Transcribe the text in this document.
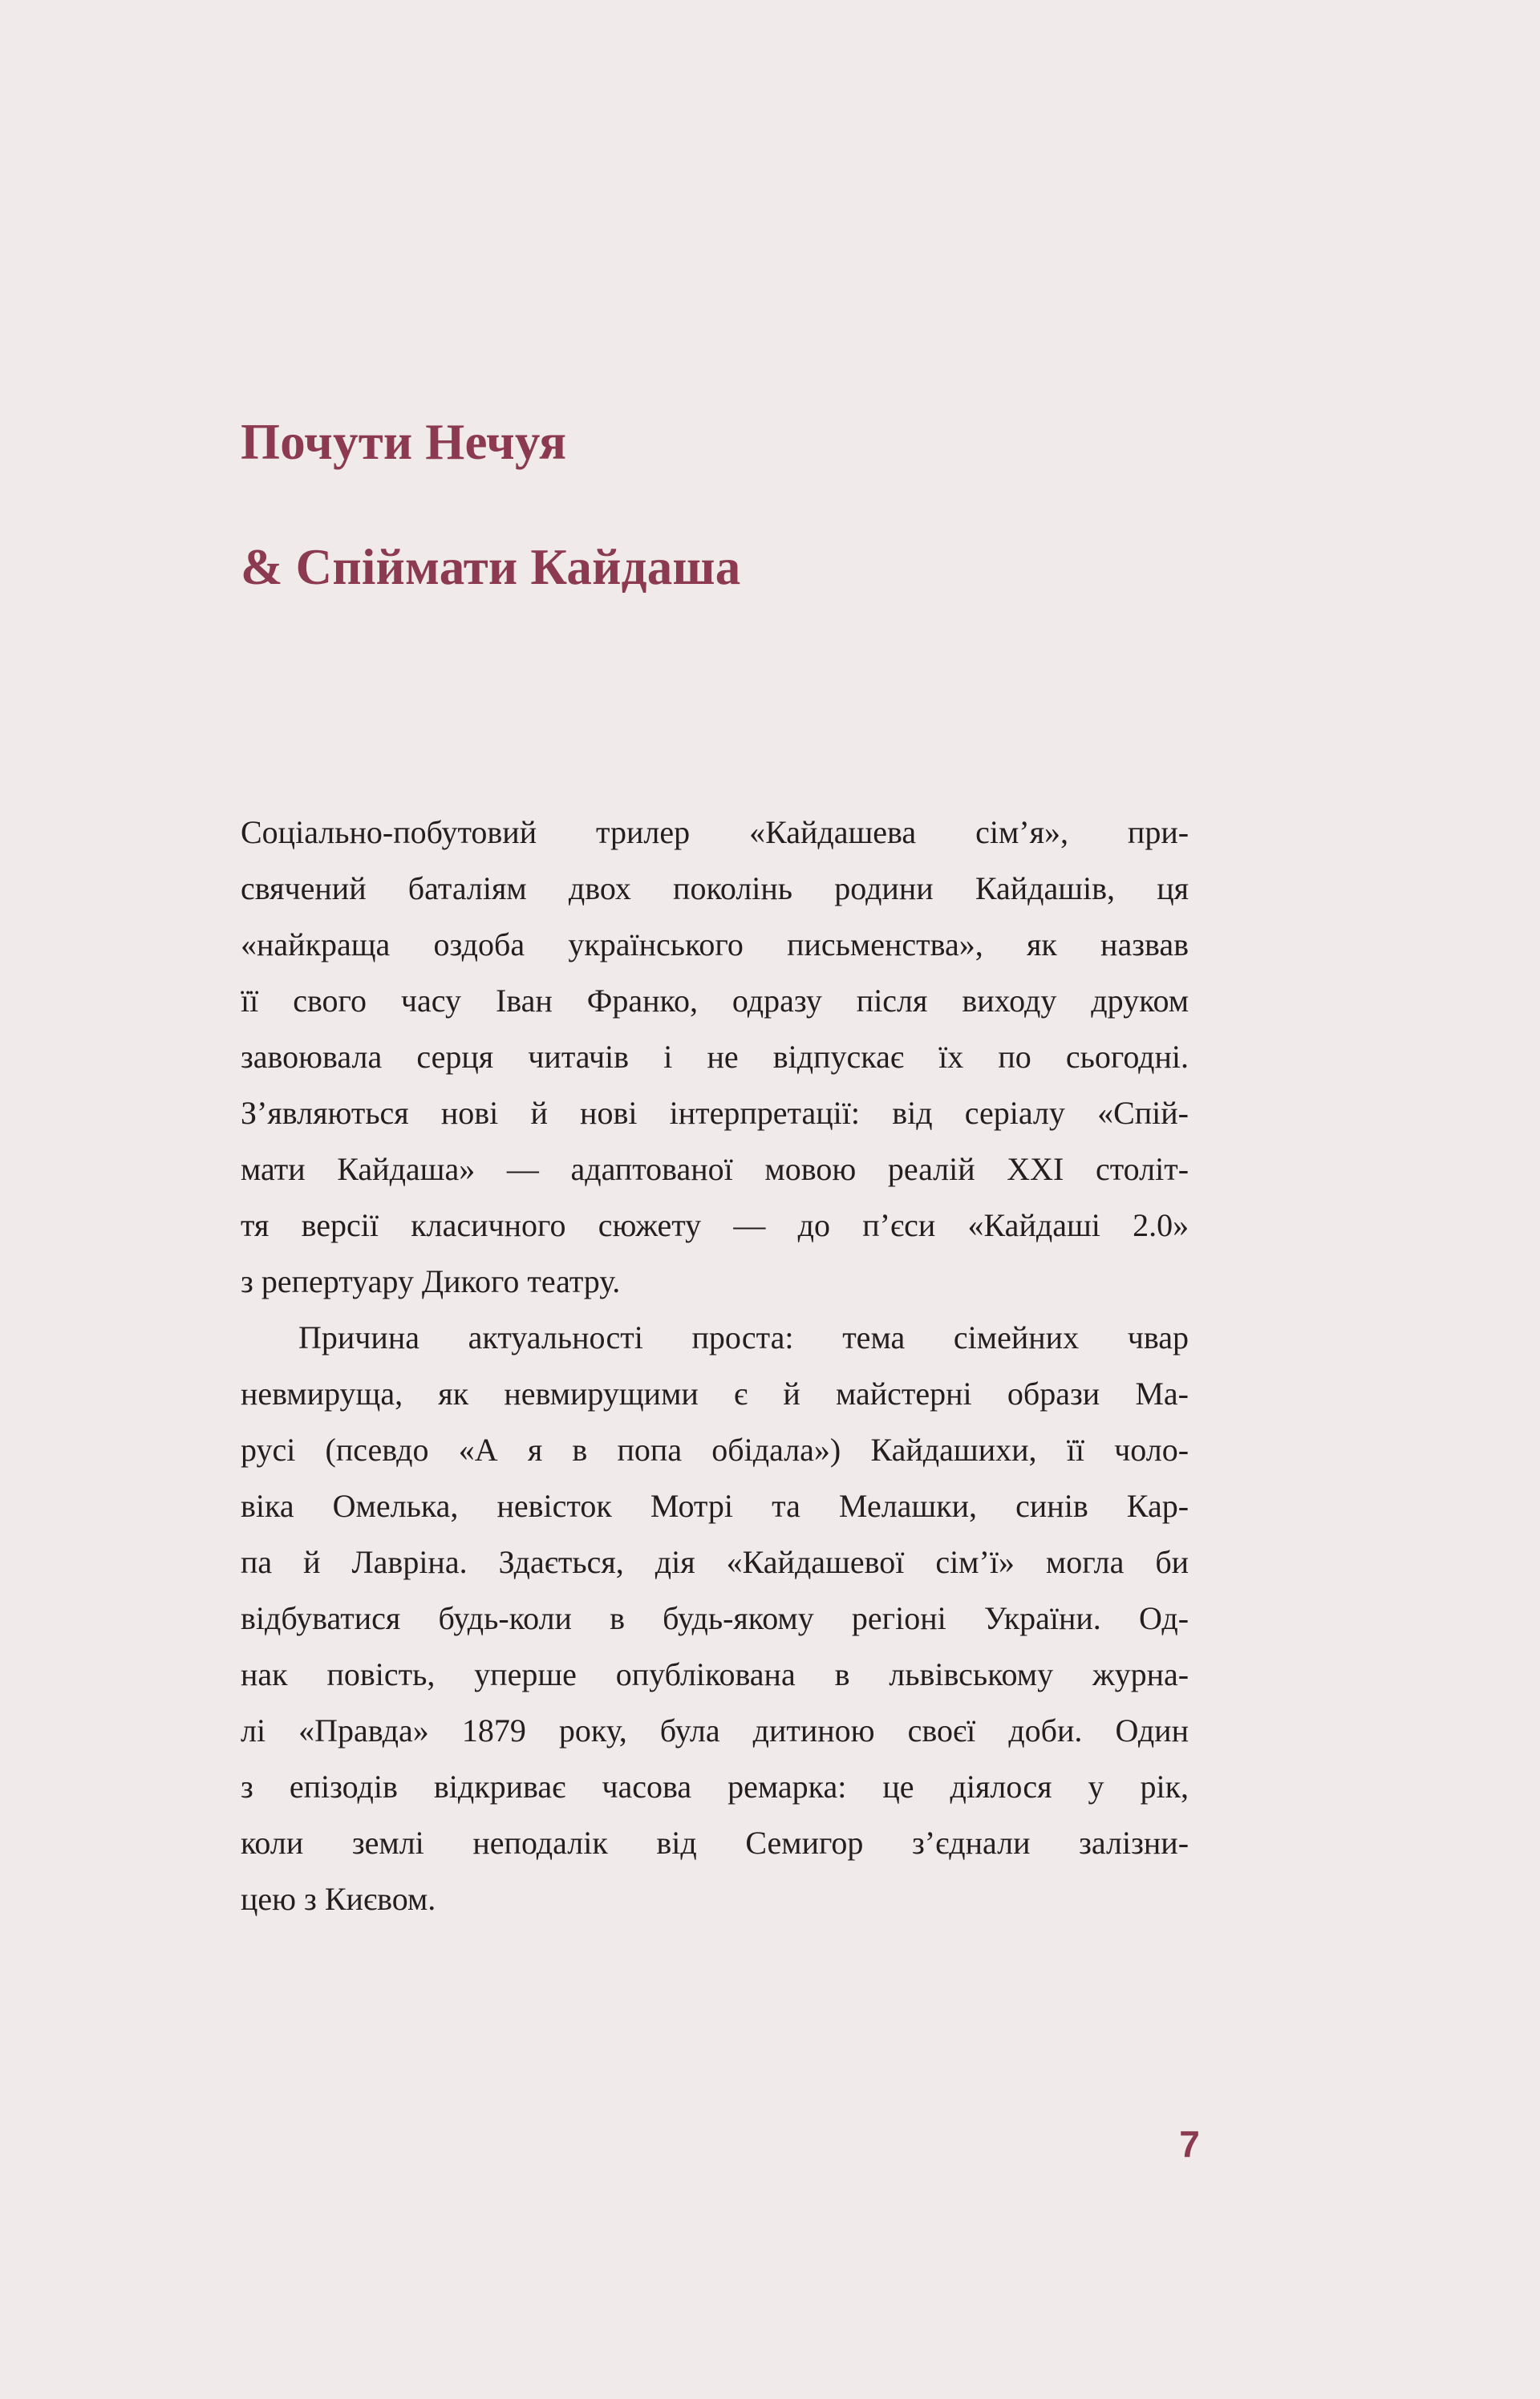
Почути Нечуя

& Спіймати Кайдаша

Соціально-побутовий трилер «Кайдашева сім’я», при-
свячений баталіям двох поколінь родини Кайдашів, ця
«найкраща оздоба українського письменства», як назвав
її свого часу Іван Франко, одразу після виходу друком
завоювала серця читачів і не відпускає їх по сьогодні.
З’являються нові й нові інтерпретації: від серіалу «Спій-
мати Кайдаша» — адаптованої мовою реалій XXI століт-
тя версії класичного сюжету — до п’єси «Кайдаші 2.0»
з репертуару Дикого театру.

Причина актуальності проста: тема сімейних чвар
невмируща, як невмирущими є й майстерні образи Ма-
русі (псевдо «А я в попа обідала») Кайдашихи, її чоло-
віка Омелька, невісток Мотрі та Мелашки, синів Кар-
па й Лавріна. Здається, дія «Кайдашевої сім’ї» могла би
відбуватися будь-коли в будь-якому регіоні України. Од-
нак повість, уперше опублікована в львівському журна-
лі «Правда» 1879 року, була дитиною своєї доби. Один
з епізодів відкриває часова ремарка: це діялося у рік,
коли землі неподалік від Семигор з’єднали залізни-
цею з Києвом.

7
